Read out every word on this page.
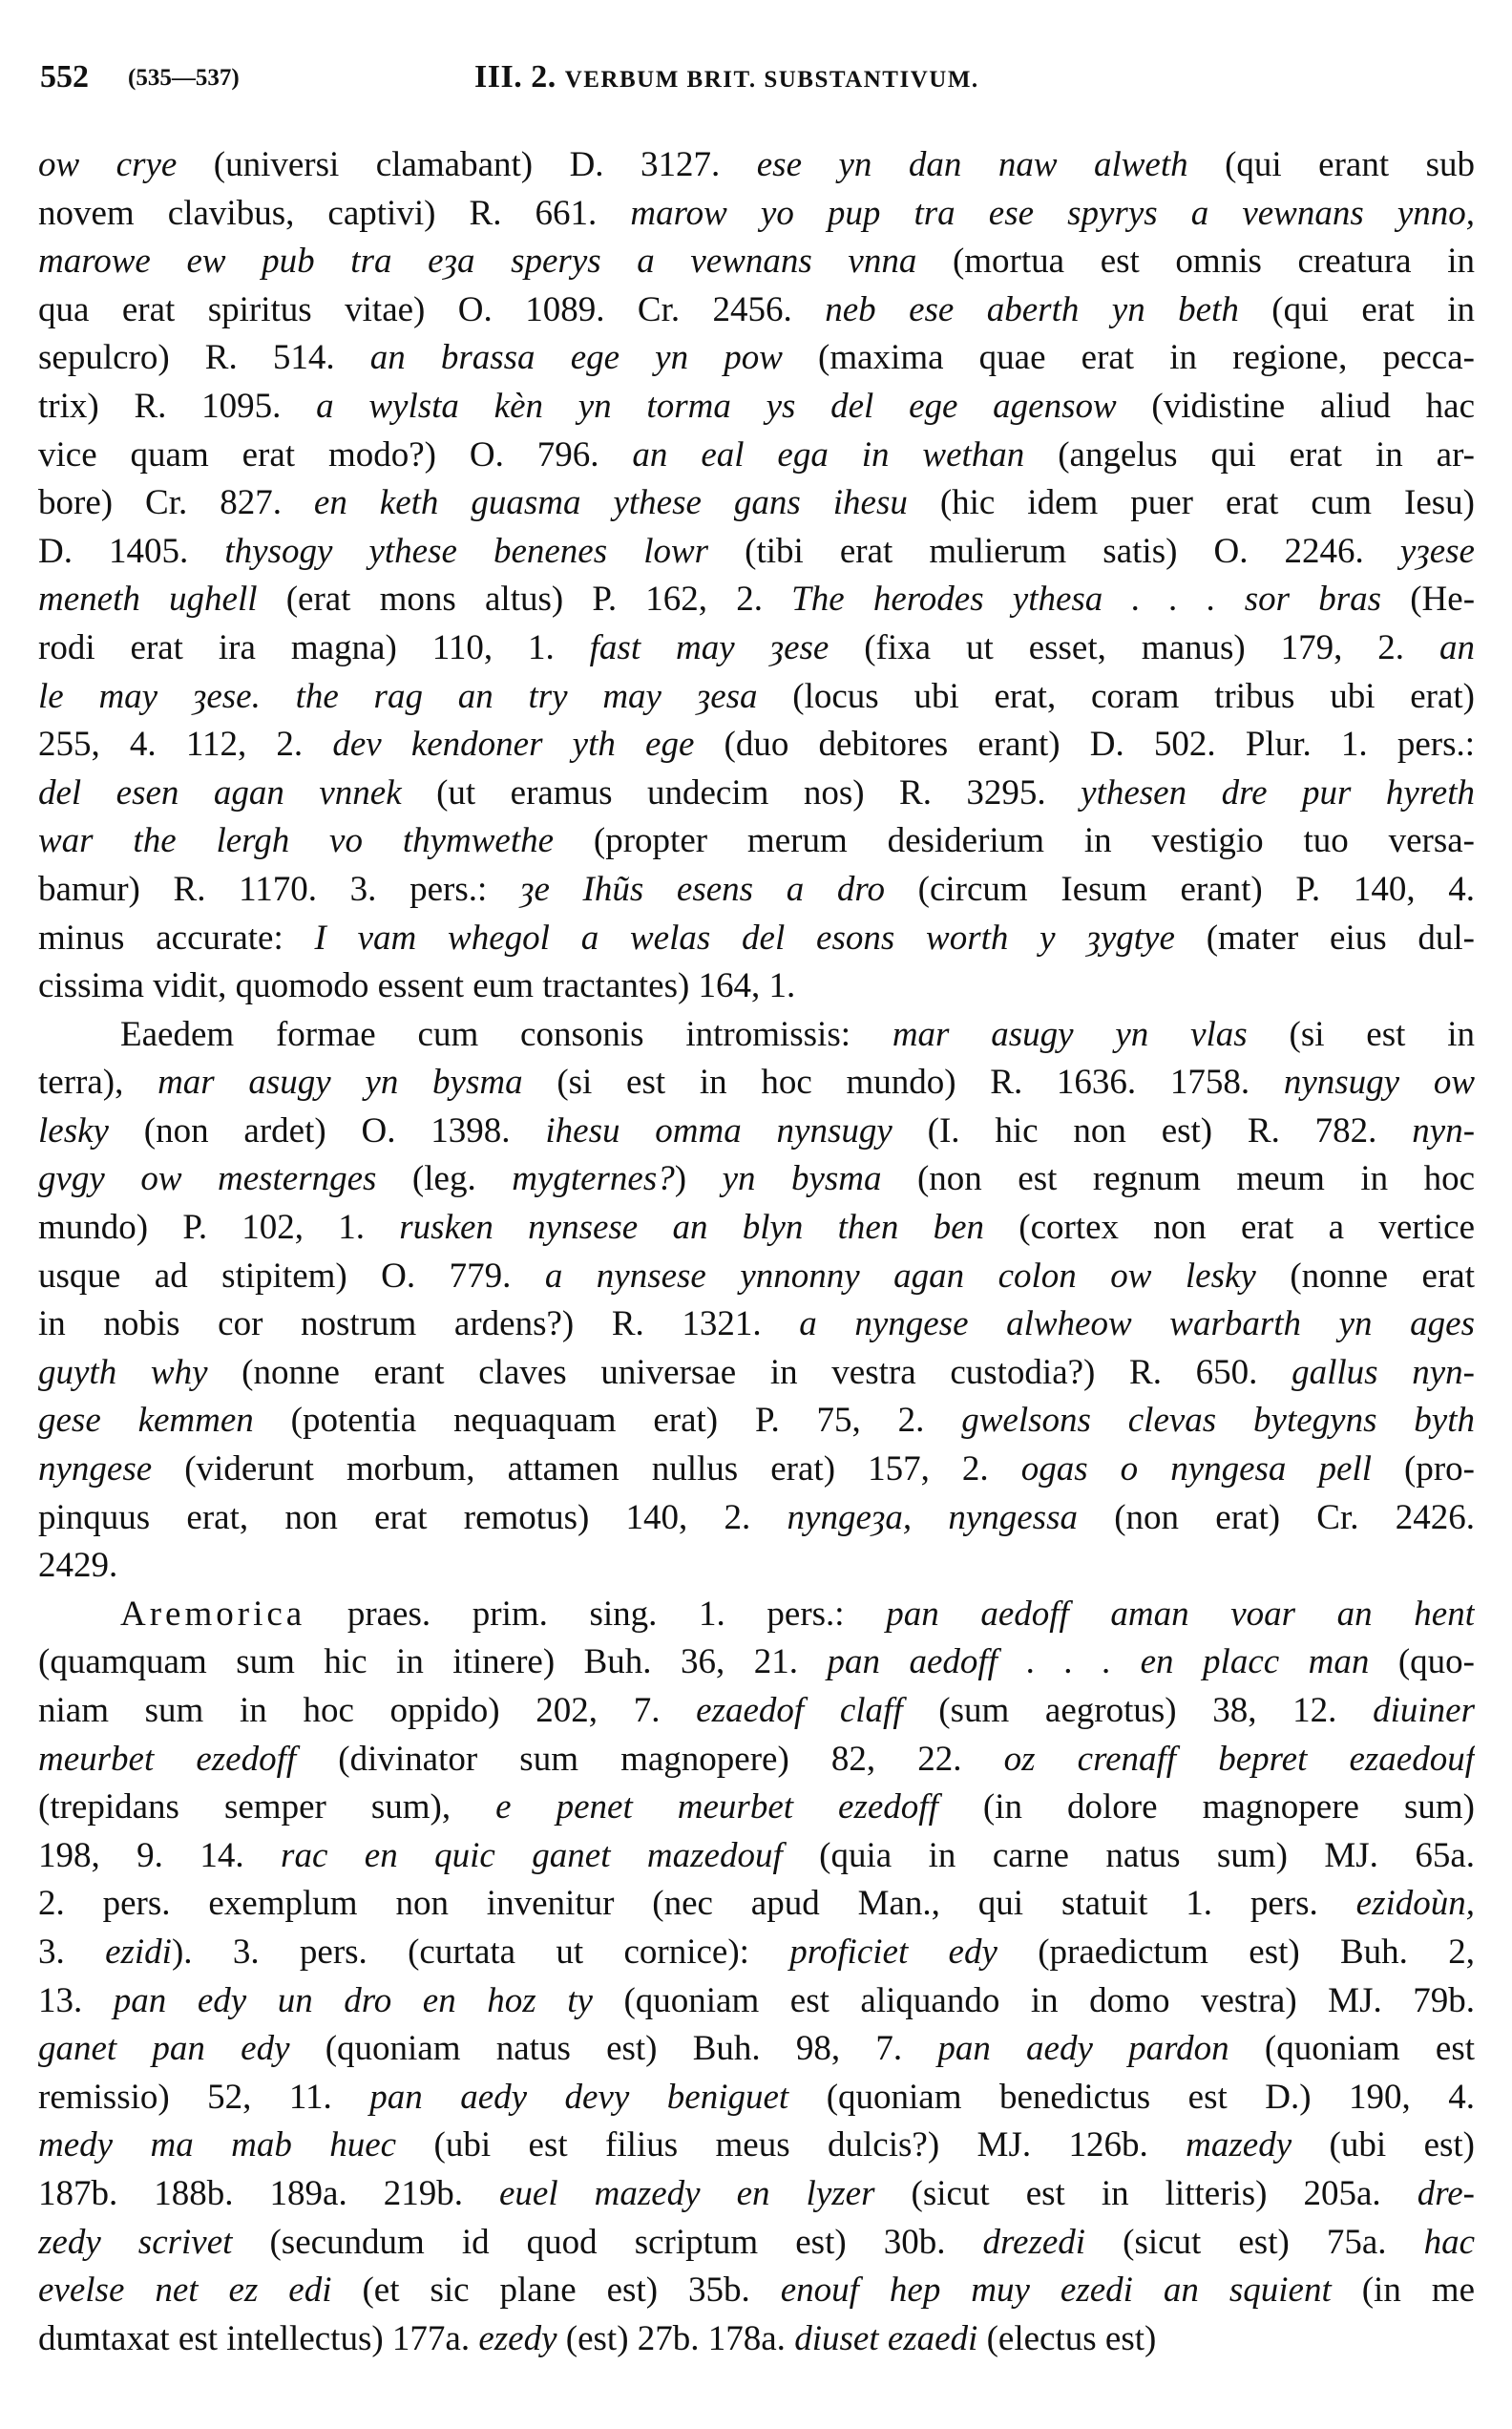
552 (535—537)	III. 2. VERBUM BRIT. SUBSTANTIVUM.
ow crye (universi clamabant) D. 3127. ese yn dan naw alweth (qui erant sub
novem clavibus, captivi) R. 661. marow yo pup tra ese spyrys a vewnans ynno,
marowe ew pub tra eȝa sperys a vewnans vnna (mortua est omnis creatura in
qua erat spiritus vitae) O. 1089. Cr. 2456. neb ese aberth yn beth (qui erat in
sepulcro) R. 514. an brassa ege yn pow (maxima quae erat in regione, pecca-
trix) R. 1095. a wylsta kèn yn torma ys del ege agensow (vidistine aliud hac
vice quam erat modo?) O. 796. an eal ega in wethan (angelus qui erat in ar-
bore) Cr. 827. en keth guasma ythese gans ihesu (hic idem puer erat cum Iesu)
D. 1405. thysogy ythese benenes lowr (tibi erat mulierum satis) O. 2246. yȝese
meneth ughell (erat mons altus) P. 162, 2. The herodes ythesa . . . sor bras (He-
rodi erat ira magna) 110, 1. fast may ȝese (fixa ut esset, manus) 179, 2. an
le may ȝese. the rag an try may ȝesa (locus ubi erat, coram tribus ubi erat)
255, 4. 112, 2. dev kendoner yth ege (duo debitores erant) D. 502. Plur. 1. pers.:
del esen agan vnnek (ut eramus undecim nos) R. 3295. ythesen dre pur hyreth
war the lergh vo thymwethe (propter merum desiderium in vestigio tuo versa-
bamur) R. 1170. 3. pers.: ȝe Ihũs esens a dro (circum Iesum erant) P. 140, 4.
minus accurate: I vam whegol a welas del esons worth y ȝygtye (mater eius dul-
cissima vidit, quomodo essent eum tractantes) 164, 1.
Eaedem formae cum consonis intromissis: mar asugy yn vlas (si est in
terra), mar asugy yn bysma (si est in hoc mundo) R. 1636. 1758. nynsugy ow
lesky (non ardet) O. 1398. ihesu omma nynsugy (I. hic non est) R. 782. nyn-
gvgy ow mesternges (leg. mygternes?) yn bysma (non est regnum meum in hoc
mundo) P. 102, 1. rusken nynsese an blyn then ben (cortex non erat a vertice
usque ad stipitem) O. 779. a nynsese ynnonny agan colon ow lesky (nonne erat
in nobis cor nostrum ardens?) R. 1321. a nyngese alwheow warbarth yn ages
guyth why (nonne erant claves universae in vestra custodia?) R. 650. gallus nyn-
gese kemmen (potentia nequaquam erat) P. 75, 2. gwelsons clevas bytegyns byth
nyngese (viderunt morbum, attamen nullus erat) 157, 2. ogas o nyngesa pell (pro-
pinquus erat, non erat remotus) 140, 2. nyngeȝa, nyngessa (non erat) Cr. 2426.
2429.
Aremorica praes. prim. sing. 1. pers.: pan aedoff aman voar an hent
(quamquam sum hic in itinere) Buh. 36, 21. pan aedoff . . . en placc man (quo-
niam sum in hoc oppido) 202, 7. ezaedof claff (sum aegrotus) 38, 12. diuiner
meurbet ezedoff (divinator sum magnopere) 82, 22. oz crenaff bepret ezaedouf
(trepidans semper sum), e penet meurbet ezedoff (in dolore magnopere sum)
198, 9. 14. rac en quic ganet mazedouf (quia in carne natus sum) MJ. 65a.
2. pers. exemplum non invenitur (nec apud Man., qui statuit 1. pers. ezidoùn,
3. ezidi). 3. pers. (curtata ut cornice): proficiet edy (praedictum est) Buh. 2,
13. pan edy un dro en hoz ty (quoniam est aliquando in domo vestra) MJ. 79b.
ganet pan edy (quoniam natus est) Buh. 98, 7. pan aedy pardon (quoniam est
remissio) 52, 11. pan aedy devy beniguet (quoniam benedictus est D.) 190, 4.
medy ma mab huec (ubi est filius meus dulcis?) MJ. 126b. mazedy (ubi est)
187b. 188b. 189a. 219b. euel mazedy en lyzer (sicut est in litteris) 205a. dre-
zedy scrivet (secundum id quod scriptum est) 30b. drezedi (sicut est) 75a. hac
evelse net ez edi (et sic plane est) 35b. enouf hep muy ezedi an squient (in me
dumtaxat est intellectus) 177a. ezedy (est) 27b. 178a. diuset ezaedi (electus est)
